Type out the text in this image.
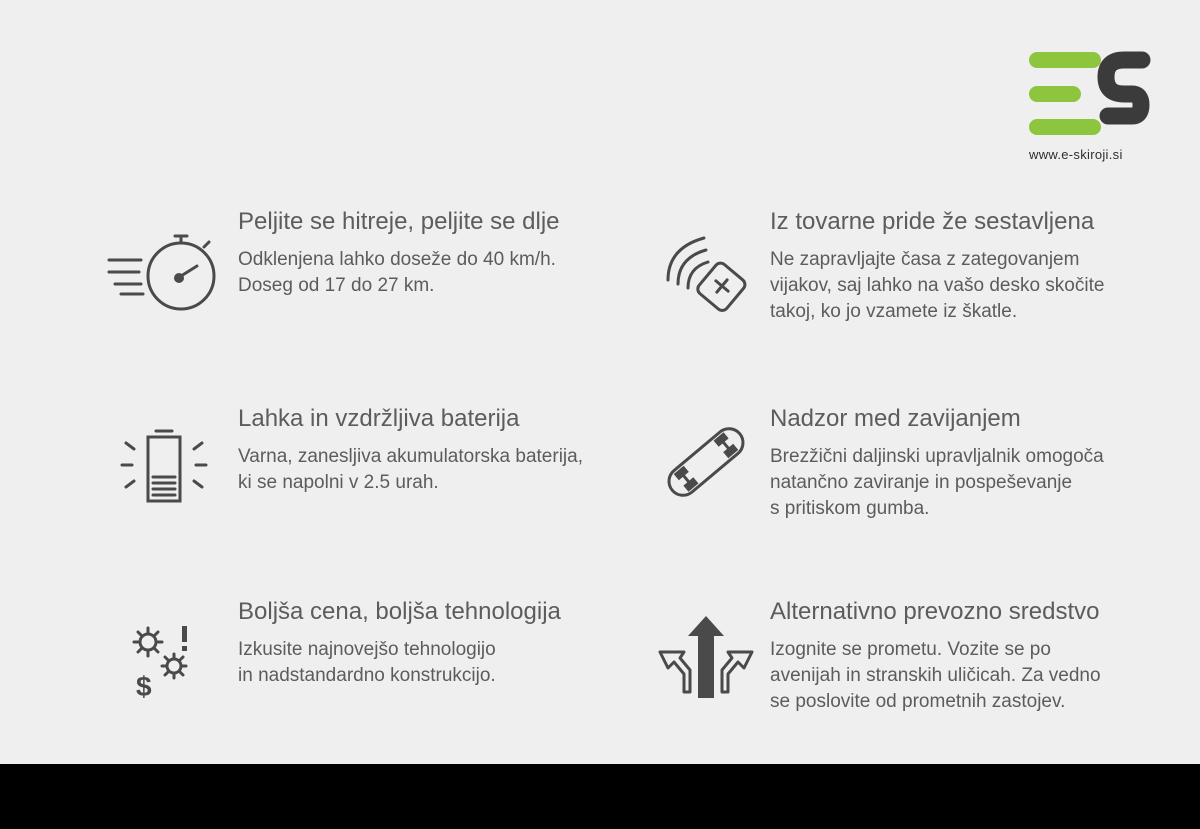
www.e-skiroji.si
Peljite se hitreje, peljite se dlje

Odklenjena lahko doseže do 40 km/h.
Doseg od 17 do 27 km.

Iz tovarne pride že sestavljena

Ne zapravljajte časa z zategovanjem
vijakov, saj lahko na vašo desko skočite
takoj, ko jo vzamete iz škatle.

Lahka in vzdržljiva baterija

Varna, zanesljiva akumulatorska baterija,
ki se napolni v 2.5 urah.

Nadzor med zavijanjem

Brezžični daljinski upravljalnik omogoča
natančno zaviranje in pospeševanje
s pritiskom gumba.

$
Boljša cena, boljša tehnologija

Izkusite najnovejšo tehnologijo
in nadstandardno konstrukcijo.

Alternativno prevozno sredstvo

Izognite se prometu. Vozite se po
avenijah in stranskih uličicah. Za vedno
se poslovite od prometnih zastojev.
